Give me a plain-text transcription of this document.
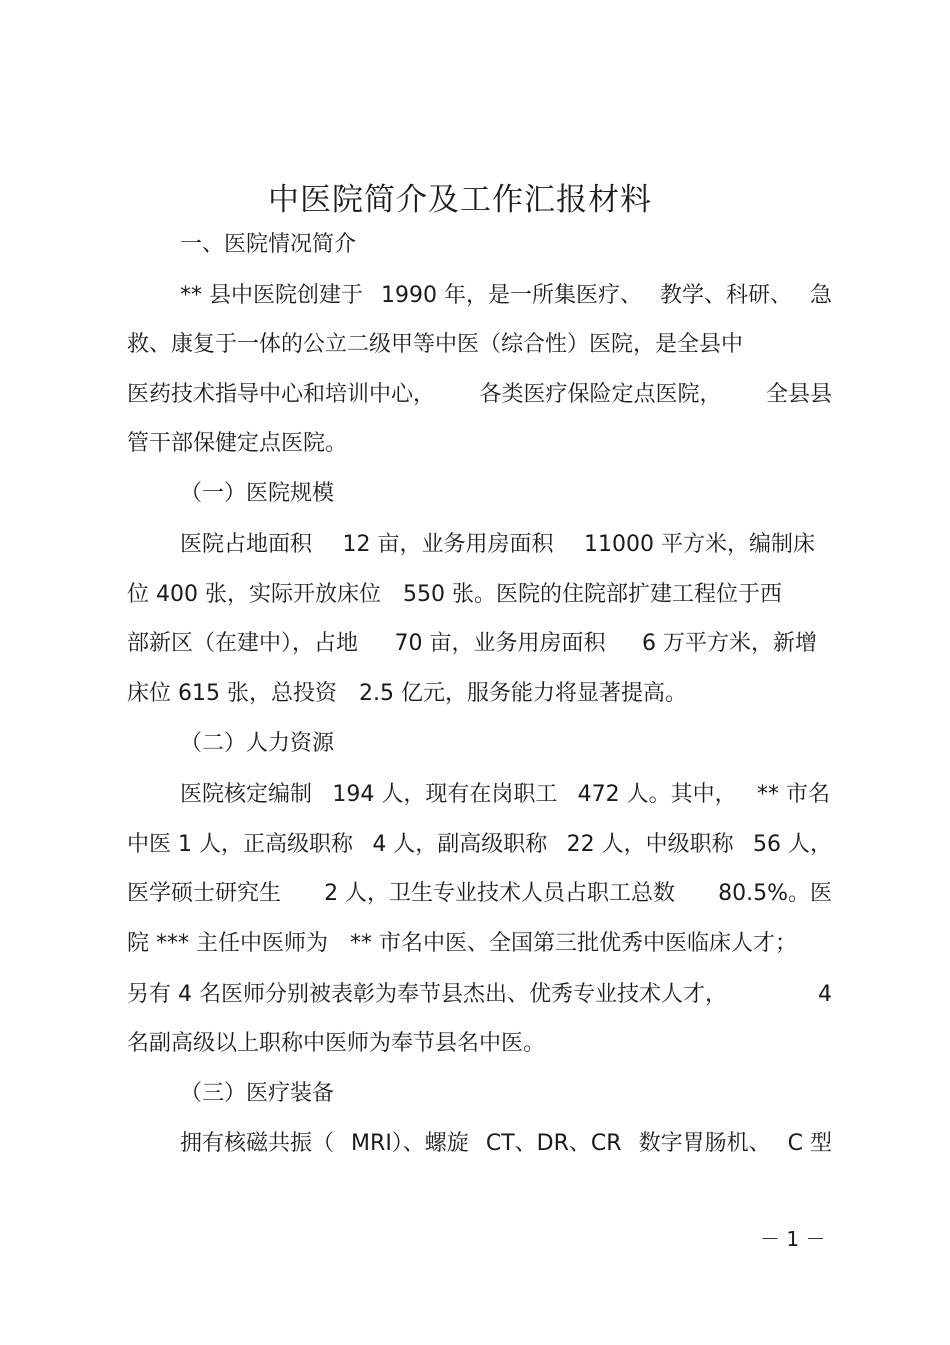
中医院简介及工作汇报材料
一、医院情况简介
** 县中医院创建于 1990 年，是一所集医疗、 教学、科研、 急
救、康复于一体的公立二级甲等中医（综合性）医院，是全县中
医药技术指导中心和培训中心， 各类医疗保险定点医院， 全县县
管干部保健定点医院。
（一）医院规模
医院占地面积 12 亩，业务用房面积 11000 平方米，编制床
位 400 张，实际开放床位　550 张。医院的住院部扩建工程位于西
部新区（在建中），占地 70 亩，业务用房面积 6 万平方米，新增
床位 615 张，总投资　2.5 亿元，服务能力将显著提高。
（二）人力资源
医院核定编制 194 人，现有在岗职工 472 人。其中， ** 市名
中医 1 人，正高级职称 4 人，副高级职称 22 人，中级职称 56 人，
医学硕士研究生 2 人，卫生专业技术人员占职工总数 80.5%。医
院 *** 主任中医师为 ** 市名中医、全国第三批优秀中医临床人才；
另有 4 名医师分别被表彰为奉节县杰出、优秀专业技术人才，	4
名副高级以上职称中医师为奉节县名中医。
（三）医疗装备
拥有核磁共振（ MRI）、螺旋 CT、DR、CR 数字胃肠机、 C 型
－ 1 －
